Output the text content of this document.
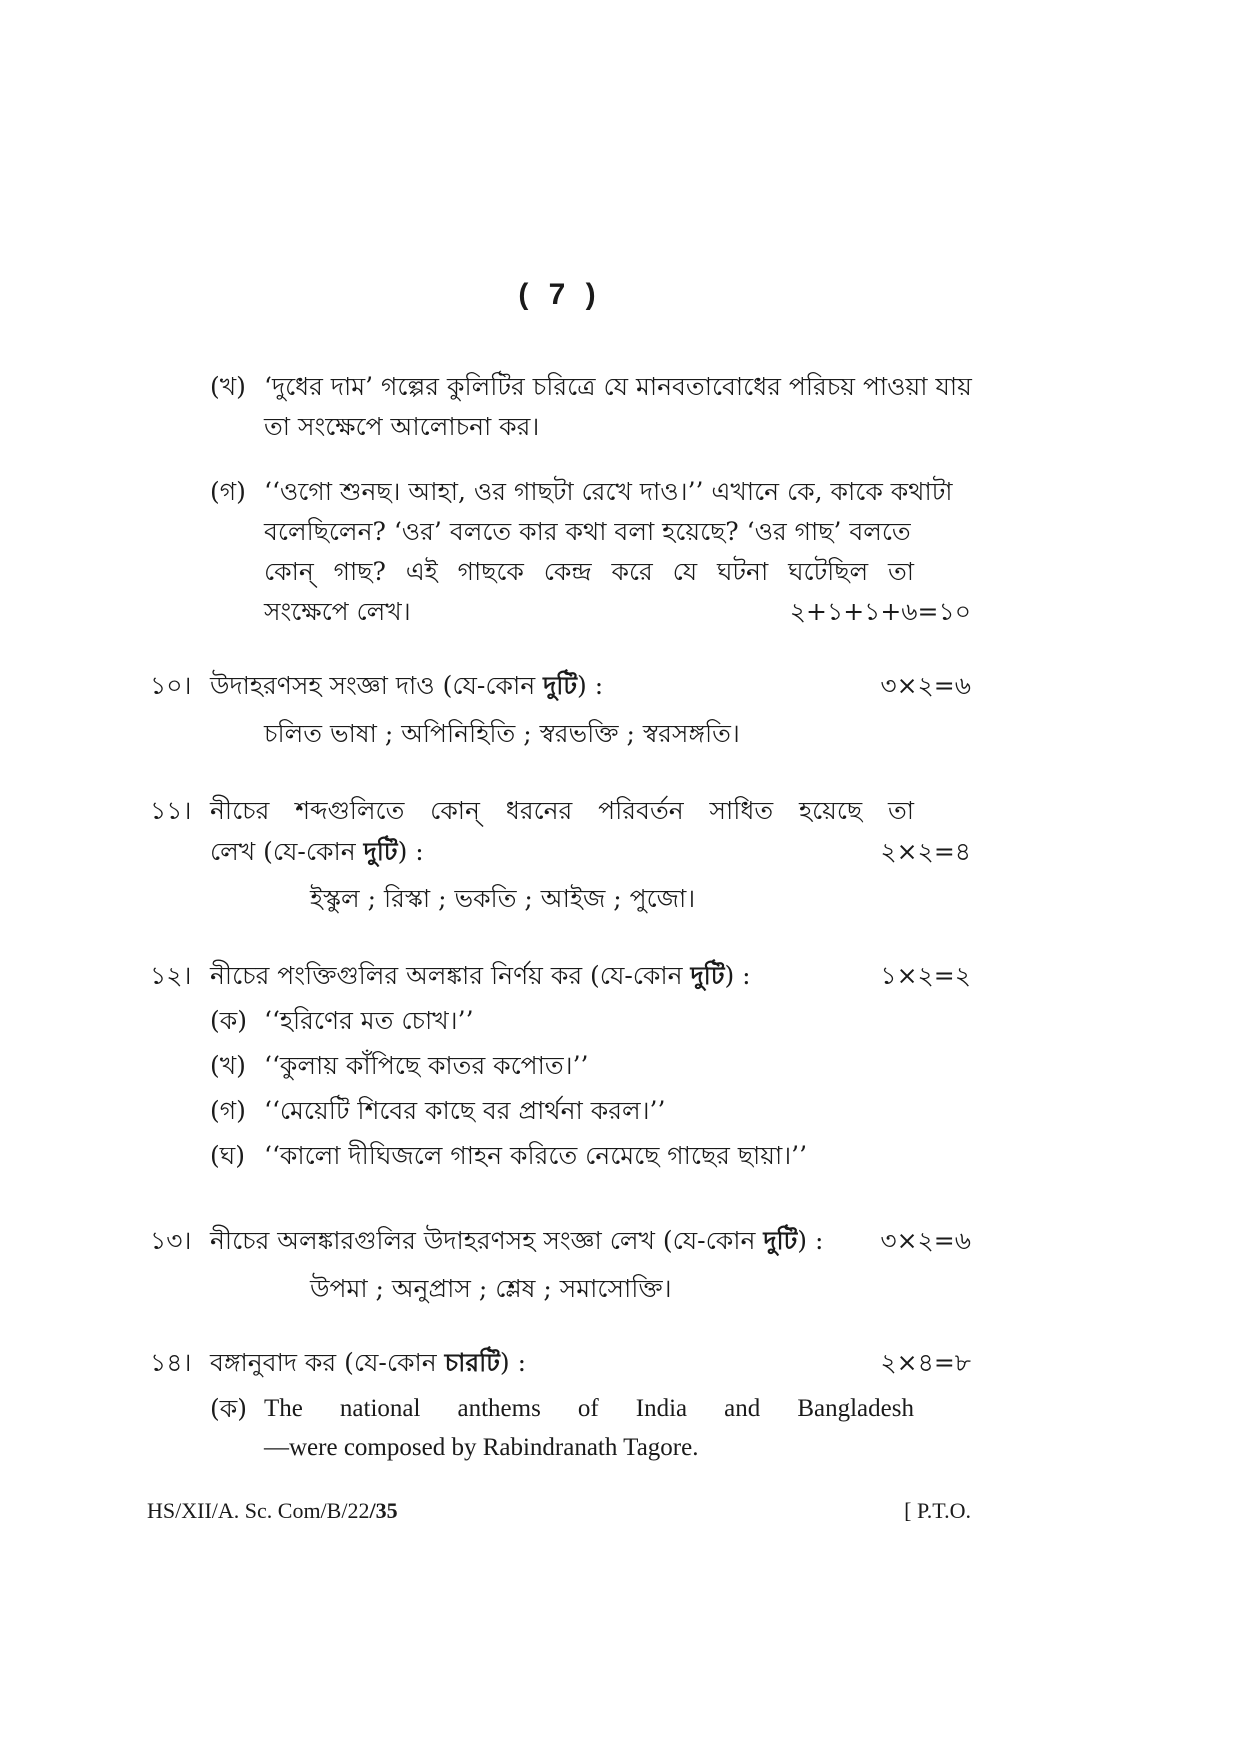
( 7 )
(খ) ‘দুধের দাম’ গল্পের কুলিটির চরিত্রে যে মানবতাবোধের পরিচয় পাওয়া যায়
তা সংক্ষেপে আলোচনা কর।
(গ) ‘‘ওগো শুনছ। আহা, ওর গাছটা রেখে দাও।’’ এখানে কে, কাকে কথাটা
বলেছিলেন? ‘ওর’ বলতে কার কথা বলা হয়েছে? ‘ওর গাছ’ বলতে
কোন্ গাছ? এই গাছকে কেন্দ্র করে যে ঘটনা ঘটেছিল তা
সংক্ষেপে লেখ।	২+১+১+৬=১০
১০। উদাহরণসহ সংজ্ঞা দাও (যে-কোন দুটি) :	৩×২=৬
চলিত ভাষা ; অপিনিহিতি ; স্বরভক্তি ; স্বরসঙ্গতি।
১১। নীচের শব্দগুলিতে কোন্ ধরনের পরিবর্তন সাধিত হয়েছে তা
লেখ (যে-কোন দুটি) :	২×২=৪
ইস্কুল ; রিস্কা ; ভকতি ; আইজ ; পুজো।
১২। নীচের পংক্তিগুলির অলঙ্কার নির্ণয় কর (যে-কোন দুটি) :	১×২=২
(ক) ‘‘হরিণের মত চোখ।’’
(খ) ‘‘কুলায় কাঁপিছে কাতর কপোত।’’
(গ) ‘‘মেয়েটি শিবের কাছে বর প্রার্থনা করল।’’
(ঘ) ‘‘কালো দীঘিজলে গাহন করিতে নেমেছে গাছের ছায়া।’’
১৩। নীচের অলঙ্কারগুলির উদাহরণসহ সংজ্ঞা লেখ (যে-কোন দুটি) : ৩×২=৬
উপমা ; অনুপ্রাস ; শ্লেষ ; সমাসোক্তি।
১৪। বঙ্গানুবাদ কর (যে-কোন চারটি) :	২×৪=৮
(ক) The national anthems of India and Bangladesh
—were composed by Rabindranath Tagore.
HS/XII/A. Sc. Com/B/22/35	[ P.T.O.
